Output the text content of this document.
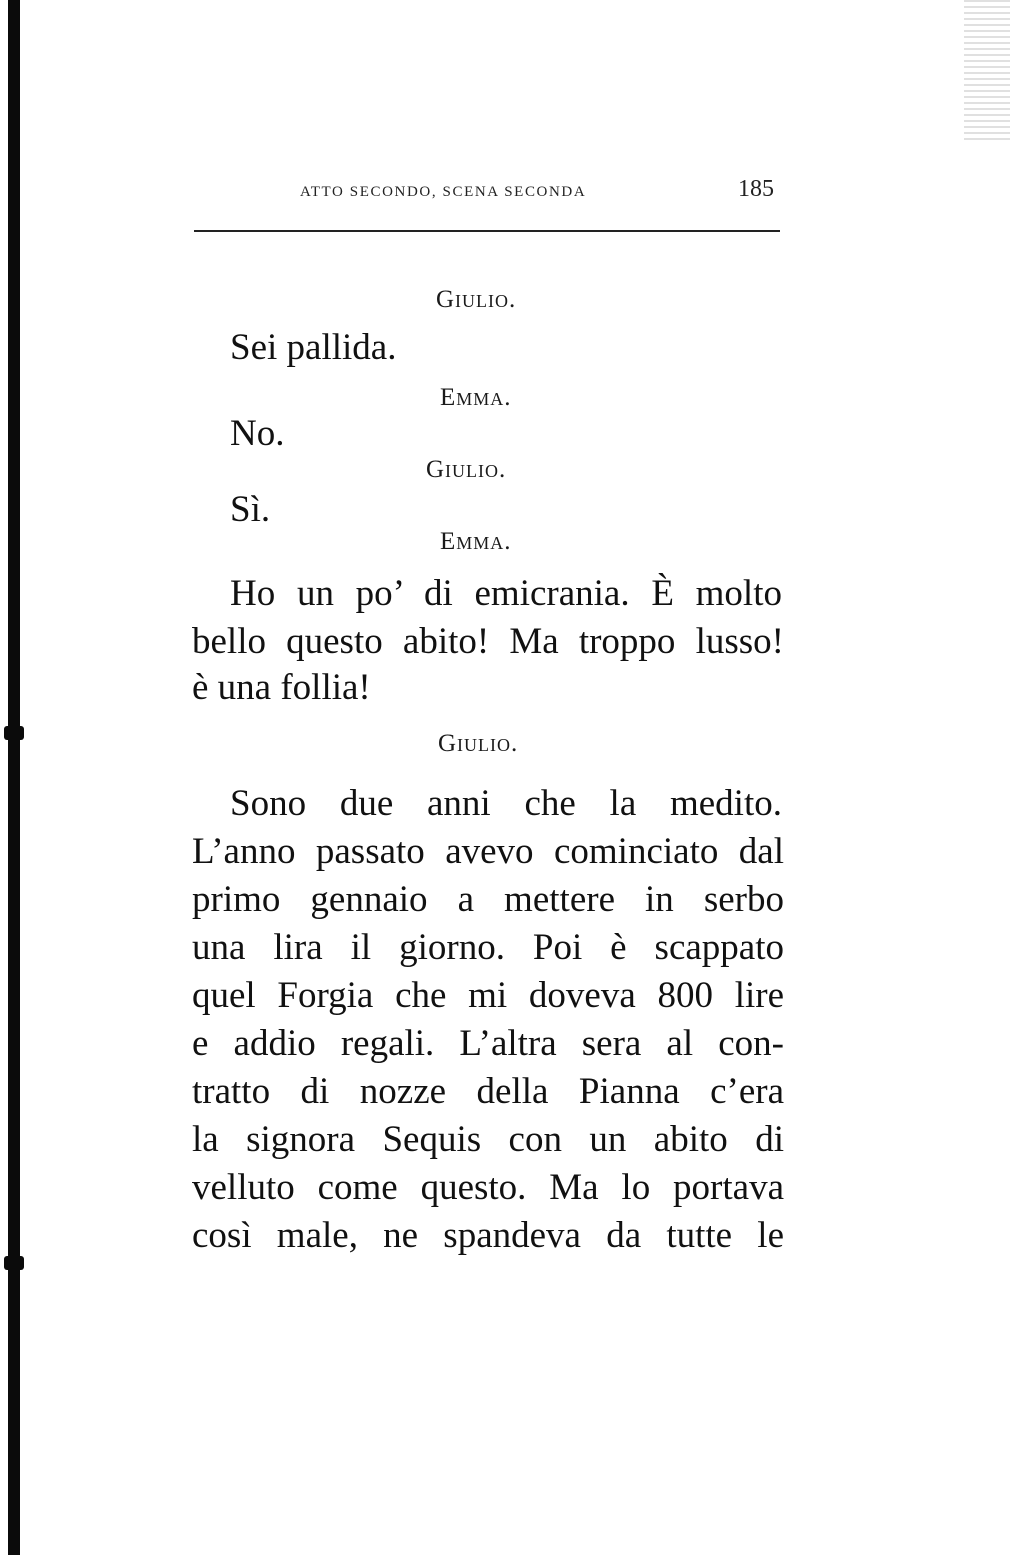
ATTO SECONDO, SCENA SECONDA	185
Giulio.
Sei pallida.
Emma.
No.
Giulio.
Sì.
Emma.
Ho un po’ di emicrania. È molto
bello questo abito! Ma troppo lusso!
è una follia!
Giulio.
Sono due anni che la medito.
L’anno passato avevo cominciato dal
primo gennaio a mettere in serbo
una lira il giorno. Poi è scappato
quel Forgia che mi doveva 800 lire
e addio regali. L’altra sera al con-
tratto di nozze della Pianna c’era
la signora Sequis con un abito di
velluto come questo. Ma lo portava
così male, ne spandeva da tutte le
